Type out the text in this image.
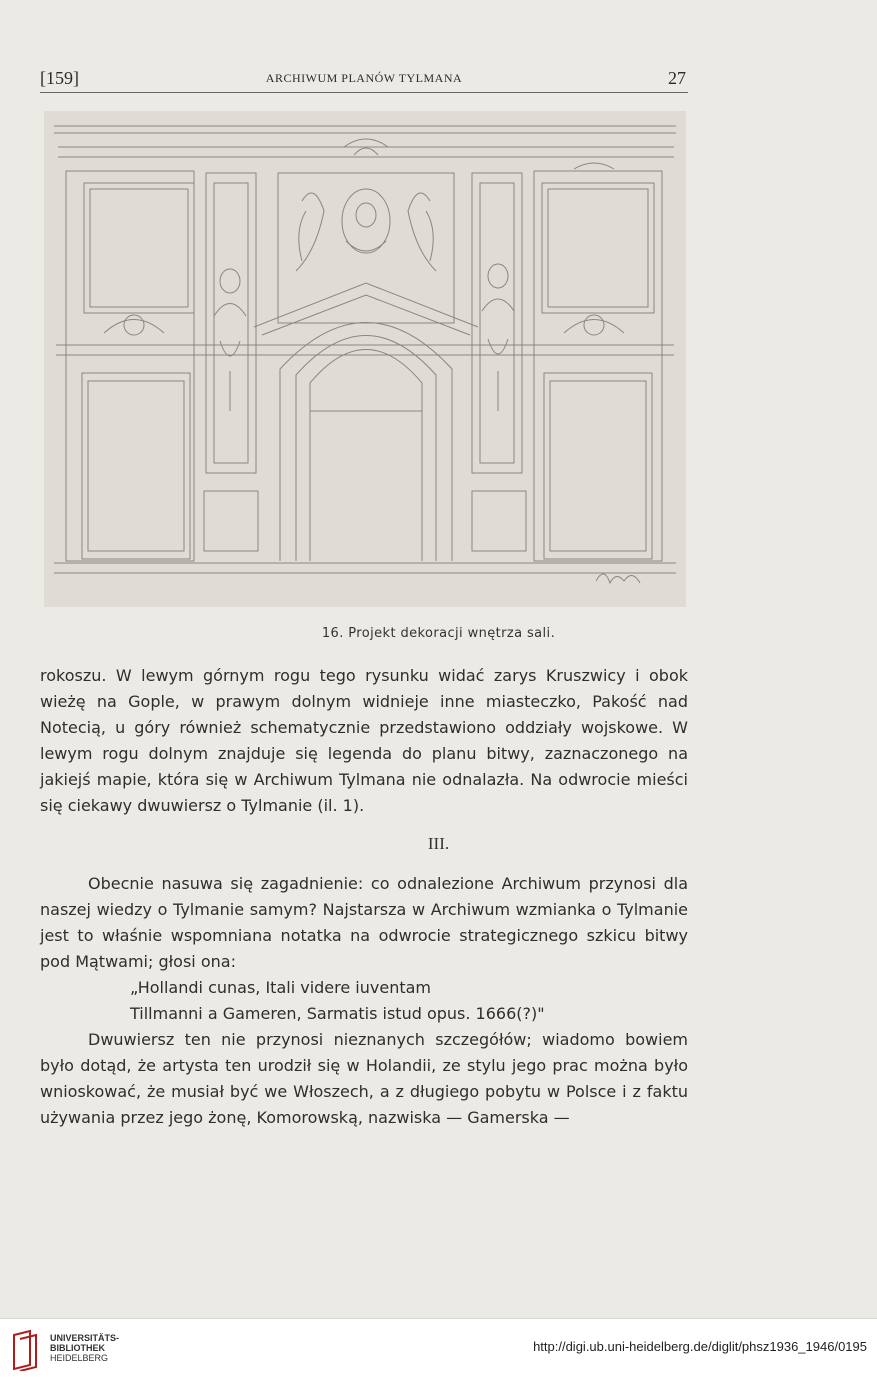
[159]	ARCHIWUM PLANÓW TYLMANA	27
16. Projekt dekoracji wnętrza sali.

rokoszu. W lewym górnym rogu tego rysunku widać zarys Kruszwicy i obok wieżę na Gople, w prawym dolnym widnieje inne miasteczko, Pakość nad Notecią, u góry również schematycznie przedstawiono oddziały wojskowe. W lewym rogu dolnym znajduje się legenda do planu bitwy, zaznaczonego na jakiejś mapie, która się w Archiwum Tylmana nie odnalazła. Na odwrocie mieści się ciekawy dwuwiersz o Tylmanie (il. 1).

III.

Obecnie nasuwa się zagadnienie: co odnalezione Archiwum przynosi dla naszej wiedzy o Tylmanie samym? Najstarsza w Archiwum wzmianka o Tylmanie jest to właśnie wspomniana notatka na odwrocie strategicznego szkicu bitwy pod Mątwami; głosi ona:

„Hollandi cunas, Itali videre iuventam

Tillmanni a Gameren, Sarmatis istud opus. 1666(?)"

Dwuwiersz ten nie przynosi nieznanych szczegółów; wiadomo bowiem było dotąd, że artysta ten urodził się w Holandii, ze stylu jego prac można było wnioskować, że musiał być we Włoszech, a z długiego pobytu w Polsce i z faktu używania przez jego żonę, Komorowską, nazwiska — Gamerska —

UNIVERSITÄTS-
BIBLIOTHEK
HEIDELBERG
http://digi.ub.uni-heidelberg.de/diglit/phsz1936_1946/0195
